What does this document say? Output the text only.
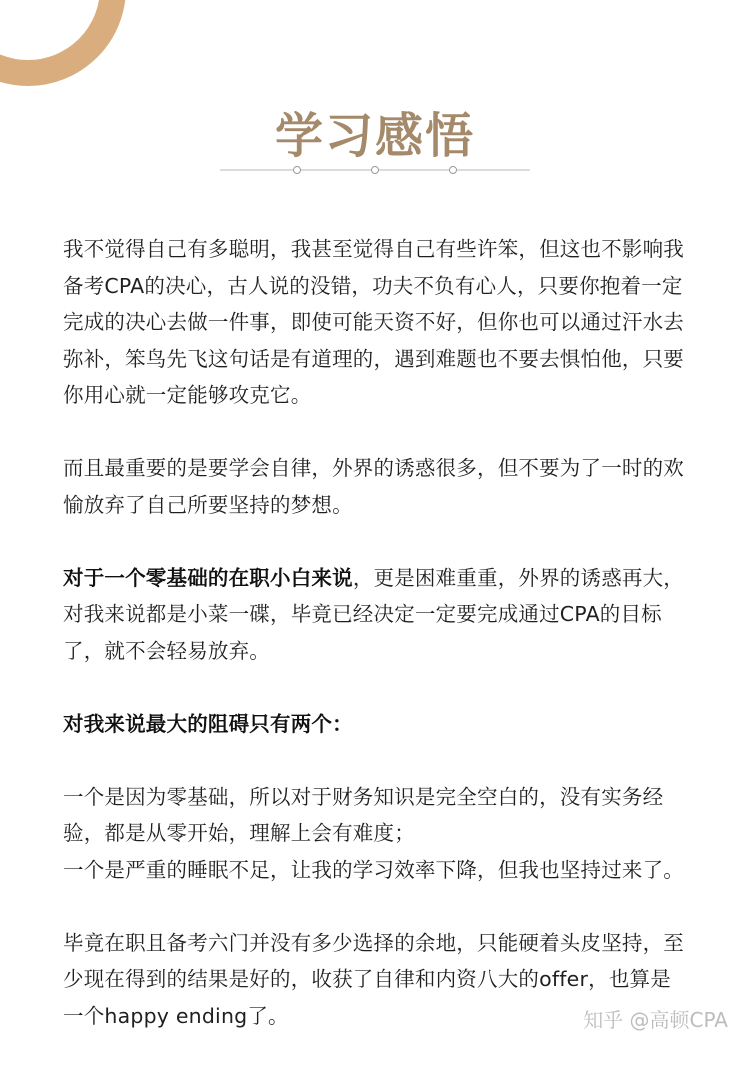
学习感悟

我不觉得自己有多聪明，我甚至觉得自己有些许笨，但这也不影响我备考CPA的决心，古人说的没错，功夫不负有心人，只要你抱着一定完成的决心去做一件事，即使可能天资不好，但你也可以通过汗水去弥补，笨鸟先飞这句话是有道理的，遇到难题也不要去惧怕他，只要你用心就一定能够攻克它。

而且最重要的是要学会自律，外界的诱惑很多，但不要为了一时的欢愉放弃了自己所要坚持的梦想。

对于一个零基础的在职小白来说，更是困难重重，外界的诱惑再大，对我来说都是小菜一碟，毕竟已经决定一定要完成通过CPA的目标了，就不会轻易放弃。

对我来说最大的阻碍只有两个：

一个是因为零基础，所以对于财务知识是完全空白的，没有实务经验，都是从零开始，理解上会有难度；
一个是严重的睡眠不足，让我的学习效率下降，但我也坚持过来了。

毕竟在职且备考六门并没有多少选择的余地，只能硬着头皮坚持，至少现在得到的结果是好的，收获了自律和内资八大的offer，也算是一个happy ending了。	知乎 @高顿CPA
